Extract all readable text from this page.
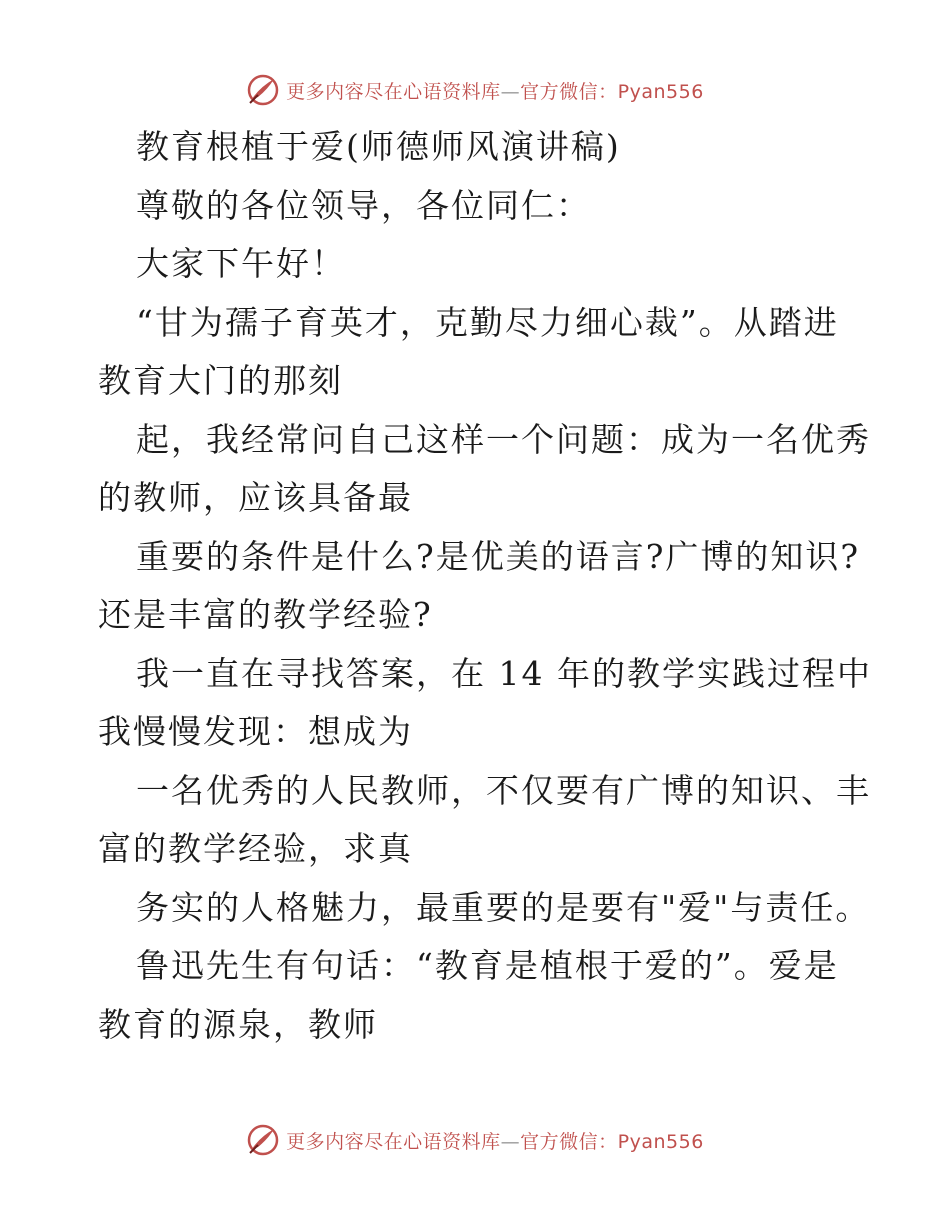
更多内容尽在心语资料库—官方微信：Pyan556
教育根植于爱(师德师风演讲稿)
尊敬的各位领导，各位同仁：
大家下午好！
“甘为孺子育英才，克勤尽力细心裁”。从踏进
教育大门的那刻
起，我经常问自己这样一个问题：成为一名优秀
的教师，应该具备最
重要的条件是什么?是优美的语言?广博的知识?
还是丰富的教学经验?
我一直在寻找答案，在 14 年的教学实践过程中
我慢慢发现：想成为
一名优秀的人民教师，不仅要有广博的知识、丰
富的教学经验，求真
务实的人格魅力，最重要的是要有"爱"与责任。
鲁迅先生有句话：“教育是植根于爱的”。爱是
教育的源泉，教师
更多内容尽在心语资料库—官方微信：Pyan556
